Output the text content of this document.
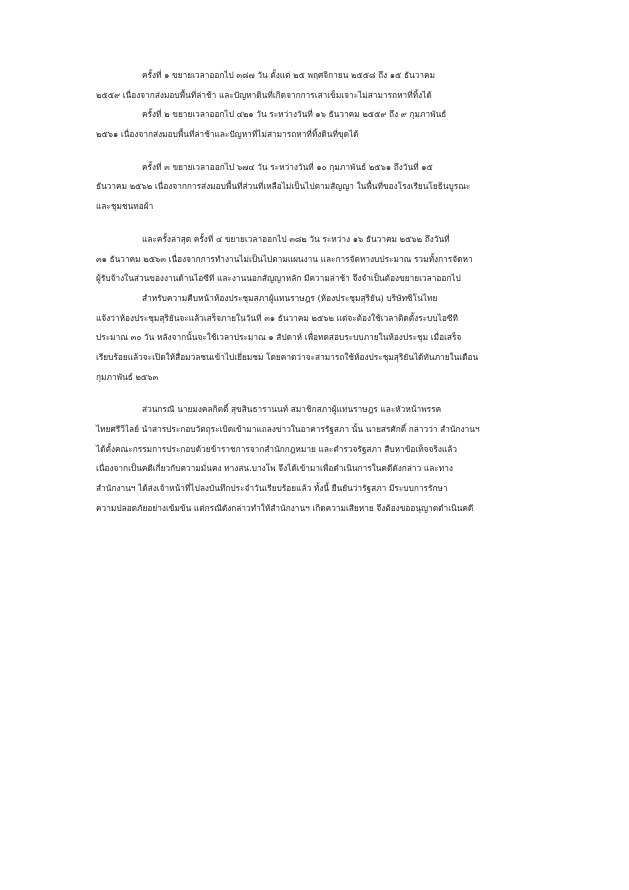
ครั้งที่ ๑ ขยายเวลาออกไป ๓๘๗ วัน ตั้งแต่ ๒๕ พฤศจิกายน ๒๕๕๘ ถึง ๑๕ ธันวาคม
๒๕๕๙ เนื่องจากส่งมอบพื้นที่ล่าช้า และปัญหาดินที่เกิดจากการเสาเข็มเจาะไม่สามารถหาที่ทิ้งได้
ครั้งที่ ๒ ขยายเวลาออกไป ๔๒๑ วัน ระหว่างวันที่ ๑๖ ธันวาคม ๒๕๕๙ ถึง ๙ กุมภาพันธ์
๒๕๖๑ เนื่องจากส่งมอบพื้นที่ล่าช้าและปัญหาที่ไม่สามารถหาที่ทิ้งดินที่ขุดได้
ครั้งที่ ๓ ขยายเวลาออกไป ๖๗๔ วัน ระหว่างวันที่ ๑๐ กุมภาพันธ์ ๒๕๖๑ ถึงวันที่ ๑๕
ธันวาคม ๒๕๖๒ เนื่องจากการส่งมอบพื้นที่ส่วนที่เหลือไม่เป็นไปตามสัญญา ในพื้นที่ของโรงเรียนโยธินบูรณะ
และชุมชนทอผ้า
และครั้งล่าสุด ครั้งที่ ๔ ขยายเวลาออกไป ๓๘๒ วัน ระหว่าง ๑๖ ธันวาคม ๒๕๖๒ ถึงวันที่
๓๑ ธันวาคม ๒๕๖๓ เนื่องจากการทำงานไม่เป็นไปตามแผนงาน และการจัดหางบประมาณ รวมทั้งการจัดหา
ผู้รับจ้างในส่วนของงานด้านไอซีที และงานนอกสัญญาหลัก มีความล่าช้า จึงจำเป็นต้องขยายเวลาออกไป
สำหรับความคืบหน้าห้องประชุมสภาผู้แทนราษฎร (ห้องประชุมสุริยัน) บริษัทซิโนไทย
แจ้งว่าห้องประชุมสุริยันจะแล้วเสร็จภายในวันที่ ๓๑ ธันวาคม ๒๕๖๒ แต่จะต้องใช้เวลาติดตั้งระบบไอซีที
ประมาณ ๓๐ วัน หลังจากนั้นจะใช้เวลาประมาณ ๑ สัปดาห์ เพื่อทดสอบระบบภายในห้องประชุม เมื่อเสร็จ
เรียบร้อยแล้วจะเปิดให้สื่อมวลชนเข้าไปเยี่ยมชม โดยคาดว่าจะสามารถใช้ห้องประชุมสุริยันได้ทันภายในเดือน
กุมภาพันธ์ ๒๕๖๓
ส่วนกรณี นายมงคลกิตติ์ สุขสินธารานนท์ สมาชิกสภาผู้แทนราษฎร และหัวหน้าพรรค
ไทยศรีวิไลย์ นำสารประกอบวัตถุระเบิดเข้ามาแถลงข่าวในอาคารรัฐสภา นั้น นายสรศักดิ์ กล่าวว่า สำนักงานฯ
ได้ตั้งคณะกรรมการประกอบด้วยข้าราชการจากสำนักกฎหมาย และตำรวจรัฐสภา สืบหาข้อเท็จจริงแล้ว
เนื่องจากเป็นคดีเกี่ยวกับความมั่นคง ทางสน.บางโพ จึงได้เข้ามาเพื่อดำเนินการในคดีดังกล่าว และทาง
สำนักงานฯ ได้ส่งเจ้าหน้าที่ไปลงบันทึกประจำวันเรียบร้อยแล้ว ทั้งนี้ ยืนยันว่ารัฐสภา มีระบบการรักษา
ความปลอดภัยอย่างเข้มข้น แต่กรณีดังกล่าวทำให้สำนักงานฯ เกิดความเสียหาย จึงต้องขออนุญาตดำเนินคดี
